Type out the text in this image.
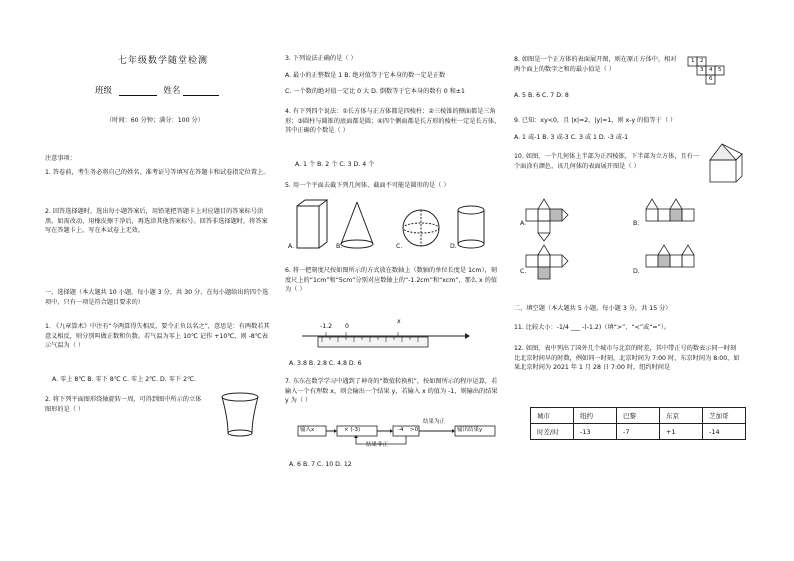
七年级数学随堂检测
班级	姓名
（时间：60 分钟；满分：100 分）
注意事项：
1. 答卷前，考生务必将自己的姓名、准考证号等填写在答题卡和试卷指定位置上。
2. 回答选择题时，选出每小题答案后，用铅笔把答题卡上对应题目的答案标号涂黑。如需改动，用橡皮擦干净后，再选涂其他答案标号。回答非选择题时，将答案写在答题卡上。写在本试卷上无效。
一、选择题（本大题共 10 小题，每小题 3 分，共 30 分，在每小题给出的四个选项中，只有一项是符合题目要求的）
1. 《九章算术》中注有“今两算得失相反，要令正负以名之”，意思是：有两数若其意义相反，则分别叫做正数和负数。若气温为零上 10℃ 记作 +10℃，则 -8℃表示气温为（ ）
A. 零上 8℃ B. 零下 8℃ C. 零上 2℃. D. 零下 2℃.
2. 将下列平面图形绕轴旋转一周，可得到图中所示的立体图形的是（ ）
3. 下列说法正确的是（ ）
A. 最小的正整数是 1 B. 绝对值等于它本身的数一定是正数
C. 一个数的绝对值一定比 0 大 D. 倒数等于它本身的数有 0 和±1
4. 有下列四个说法：①长方体与正方体都是四棱柱；②三棱锥的侧面都是三角形；③圆柱与圆锥的底面都是圆；④四个侧面都是长方形的棱柱一定是长方体，其中正确的个数是（ ）
A. 1 个 B. 2 个 C. 3 D. 4 个
5. 用一个平面去截下列几何体，截面不可能是圆形的是（ ）
A.	B.	C.	D.
6. 将一把刻度尺按如图所示的方式放在数轴上（数轴的单位长度是 1cm），刻度尺上的“1cm”和“5cm”分别对应数轴上的“-1.2cm”和“xcm”，那么 x 的值为（ ）
-1.2 0
x
A. 3.8 B. 2.8 C. 4.8 D. 6
7. 东东在数学学习中遇到了神奇的“数值转换机”，按如图所示的程序运算，若输入一个有理数 x，则会输出一个结果 y，若输入 x 的值为 -1，则输出的结果 y 为（ ）
输入x	× (-3)	-4 >0	输出结果y
结果为正
结果非正
A. 6 B. 7 C. 10 D. 12
8. 如图是一个正方体的表面展开图，则在原正方体中，相对两个面上的数字之和的最小值是（ ）
1 2
3 4 5
6
A. 5 B. 6 C. 7 D. 8
9. 已知：xy<0，且 |x|=2，|y|=1，则 x-y 的值等于（ ）
A. 1 或-1 B. 3 或-3 C. 3 或 1 D. -3 或-1
10. 如图，一个几何体上半部为正四棱锥，下半部为立方体，且有一个面涂有颜色，该几何体的表面展开图是（ ）
A.	B.
C.	D.
二、填空题（本大题共 5 小题，每小题 3 分，共 15 分）
11. 比较大小：-1/4 ___ -(-1.2)（填“>”、“<”或“=”）。
12. 如图，表中列出了国外几个城市与北京的时差，其中带正号的数表示同一时刻比北京时间早的时数，例如同一时刻，北京时间为 7:00 时，东京时间为 8:00，如果北京时间为 2021 年 1 月 28 日 7:00 时，纽约时间是
城市	纽约	巴黎	东京	芝加哥
时差/时	-13	-7	+1	-14
